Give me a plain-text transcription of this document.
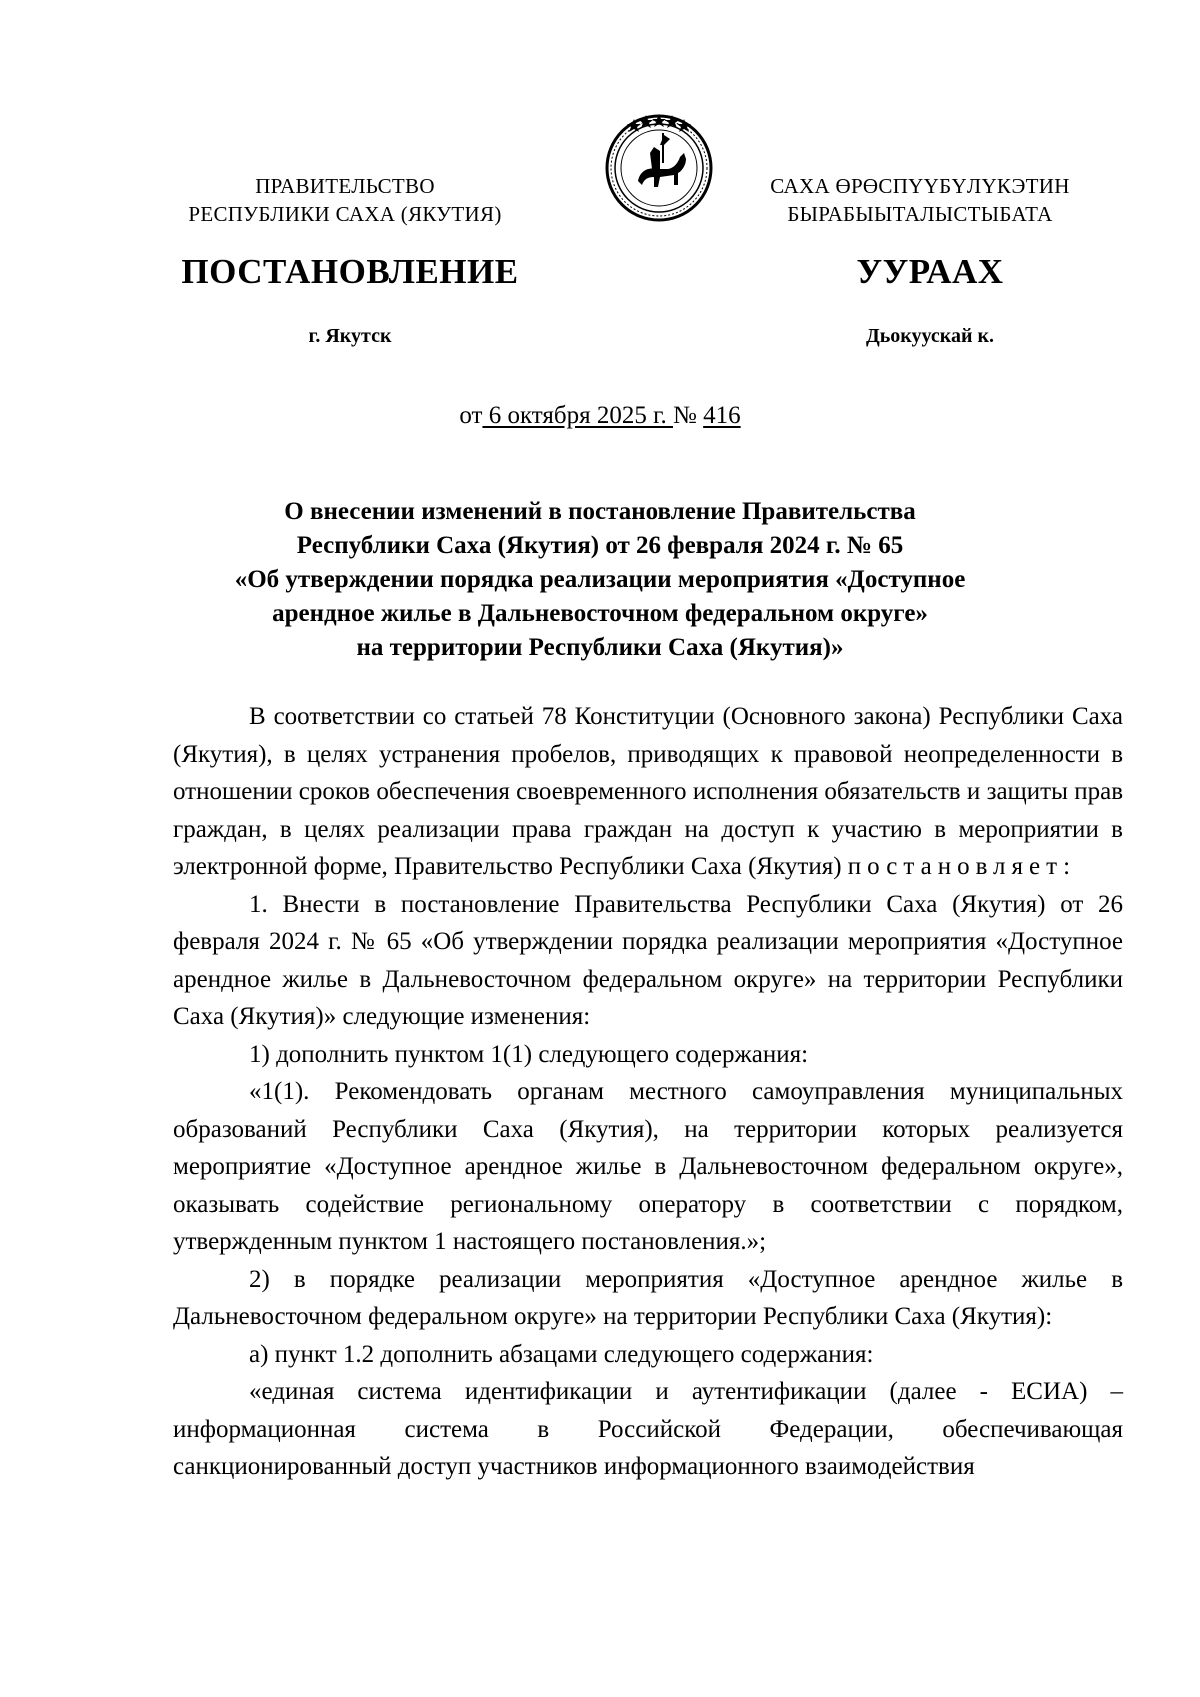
ПРАВИТЕЛЬСТВО
РЕСПУБЛИКИ САХА (ЯКУТИЯ)
САХА ӨРӨСПҮҮБҮЛҮКЭТИН
БЫРАБЫЫТАЛЫСТЫБАТА
ПОСТАНОВЛЕНИЕ	УУРААХ
г. Якутск	Дьокуускай к.
от 6 октября 2025 г. № 416
О внесении изменений в постановление Правительства
Республики Саха (Якутия) от 26 февраля 2024 г. № 65
«Об утверждении порядка реализации мероприятия «Доступное
арендное жилье в Дальневосточном федеральном округе»
на территории Республики Саха (Якутия)»

В соответствии со статьей 78 Конституции (Основного закона) Республики Саха (Якутия), в целях устранения пробелов, приводящих к правовой неопределенности в отношении сроков обеспечения своевременного исполнения обязательств и защиты прав граждан, в целях реализации права граждан на доступ к участию в мероприятии в электронной форме, Правительство Республики Саха (Якутия) постановляет:

1. Внести в постановление Правительства Республики Саха (Якутия) от 26 февраля 2024 г. № 65 «Об утверждении порядка реализации мероприятия «Доступное арендное жилье в Дальневосточном федеральном округе» на территории Республики Саха (Якутия)» следующие изменения:

1) дополнить пунктом 1(1) следующего содержания:

«1(1). Рекомендовать органам местного самоуправления муниципальных образований Республики Саха (Якутия), на территории которых реализуется мероприятие «Доступное арендное жилье в Дальневосточном федеральном округе», оказывать содействие региональному оператору в соответствии с порядком, утвержденным пунктом 1 настоящего постановления.»;

2) в порядке реализации мероприятия «Доступное арендное жилье в Дальневосточном федеральном округе» на территории Республики Саха (Якутия):

а) пункт 1.2 дополнить абзацами следующего содержания:

«единая система идентификации и аутентификации (далее - ЕСИА) – информационная система в Российской Федерации, обеспечивающая санкционированный доступ участников информационного взаимодействия
